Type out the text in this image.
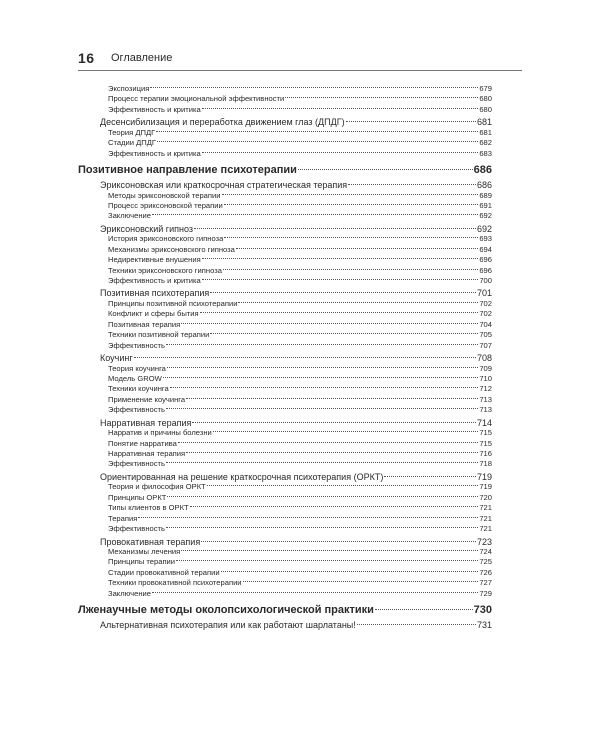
16 Оглавление
Экспозиция	679
Процесс терапии эмоциональной эффективности	680
Эффективность и критика	680
Десенсибилизация и переработка движением глаз (ДПДГ)	681
Теория ДПДГ	681
Стадии ДПДГ	682
Эффективность и критика	683
Позитивное направление психотерапии	686
Эриксоновская или краткосрочная стратегическая терапия	686
Методы эриксоновской терапии	689
Процесс эриксоновской терапии	691
Заключение	692
Эриксоновский гипноз	692
История эриксоновского гипноза	693
Механизмы эриксоновского гипноза	694
Недирективные внушения	696
Техники эриксоновского гипноза	696
Эффективность и критика	700
Позитивная психотерапия	701
Принципы позитивной психотерапии	702
Конфликт и сферы бытия	702
Позитивная терапия	704
Техники позитивной терапии	705
Эффективность	707
Коучинг	708
Теория коучинга	709
Модель GROW	710
Техники коучинга	712
Применение коучинга	713
Эффективность	713
Нарративная терапия	714
Нарратив и причины болезни	715
Понятие нарратива	715
Нарративная терапия	716
Эффективность	718
Ориентированная на решение краткосрочная психотерапия (ОРКТ)	719
Теория и философия ОРКТ	719
Принципы ОРКТ	720
Типы клиентов в ОРКТ	721
Терапия	721
Эффективность	721
Провокативная терапия	723
Механизмы лечения	724
Принципы терапии	725
Стадии провокативной терапии	726
Техники провокативной психотерапии	727
Заключение	729
Лженаучные методы околопсихологической практики	730
Альтернативная психотерапия или как работают шарлатаны!	731
